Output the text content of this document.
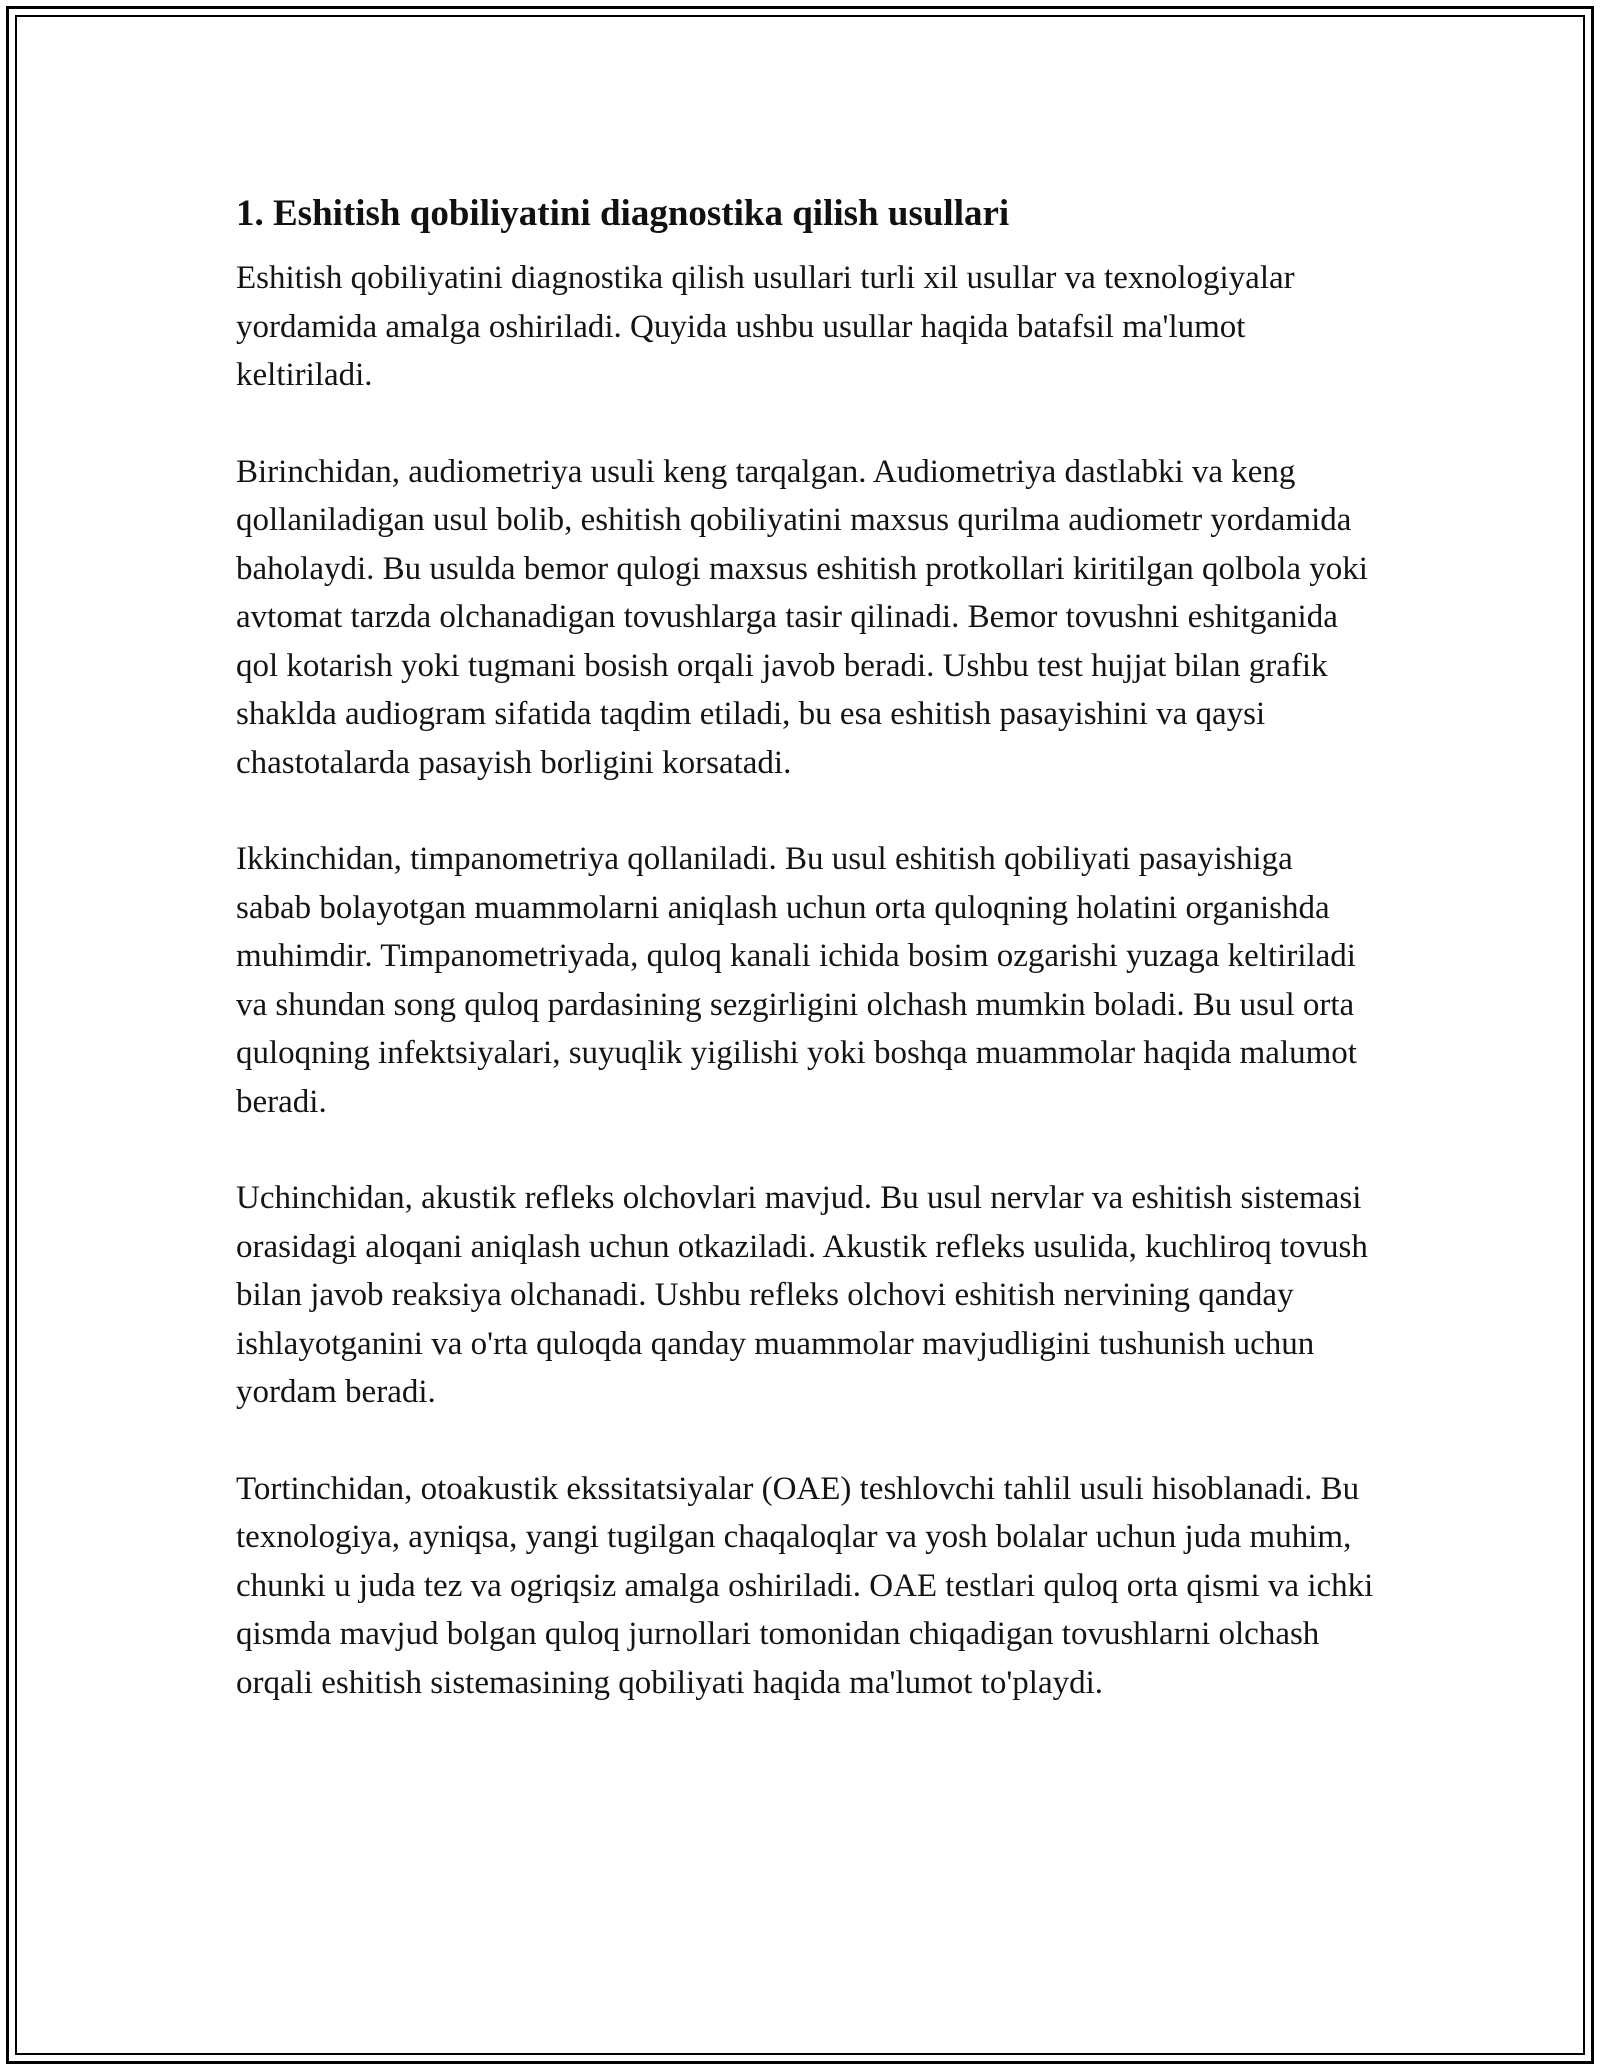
1. Eshitish qobiliyatini diagnostika qilish usullari

Eshitish qobiliyatini diagnostika qilish usullari turli xil usullar va texnologiyalar yordamida amalga oshiriladi. Quyida ushbu usullar haqida batafsil ma'lumot keltiriladi.

Birinchidan, audiometriya usuli keng tarqalgan. Audiometriya dastlabki va keng qollaniladigan usul bolib, eshitish qobiliyatini maxsus qurilma audiometr yordamida baholaydi. Bu usulda bemor qulogi maxsus eshitish protkollari kiritilgan qolbola yoki avtomat tarzda olchanadigan tovushlarga tasir qilinadi. Bemor tovushni eshitganida qol kotarish yoki tugmani bosish orqali javob beradi. Ushbu test hujjat bilan grafik shakldа audiogram sifatida taqdim etiladi, bu esa eshitish pasayishini va qaysi chastotalarda pasayish borligini korsatadi.

Ikkinchidan, timpanometriya qollaniladi. Bu usul eshitish qobiliyati pasayishiga sabab bolayotgan muammolarni aniqlash uchun orta quloqning holatini organishda muhimdir. Timpanometriyada, quloq kanali ichida bosim ozgarishi yuzaga keltiriladi va shundan song quloq pardasining sezgirligini olchash mumkin boladi. Bu usul orta quloqning infektsiyalari, suyuqlik yigilishi yoki boshqa muammolar haqida malumot beradi.

Uchinchidan, akustik refleks olchovlari mavjud. Bu usul nervlar va eshitish sistemasi orasidagi aloqani aniqlash uchun otkaziladi. Akustik refleks usulida, kuchliroq tovush bilan javob reaksiya olchanadi. Ushbu refleks olchovi eshitish nervining qanday ishlayotganini va o'rta quloqda qanday muammolar mavjudligini tushunish uchun yordam beradi.

Tortinchidan, otoakustik ekssitatsiyalar (OAE) teshlovchi tahlil usuli hisoblanadi. Bu texnologiya, ayniqsa, yangi tugilgan chaqaloqlar va yosh bolalar uchun juda muhim, chunki u juda tez va ogriqsiz amalga oshiriladi. OAE testlari quloq orta qismi va ichki qismda mavjud bolgan quloq jurnollari tomonidan chiqadigan tovushlarni olchash orqali eshitish sistemasining qobiliyati haqida ma'lumot to'playdi.
